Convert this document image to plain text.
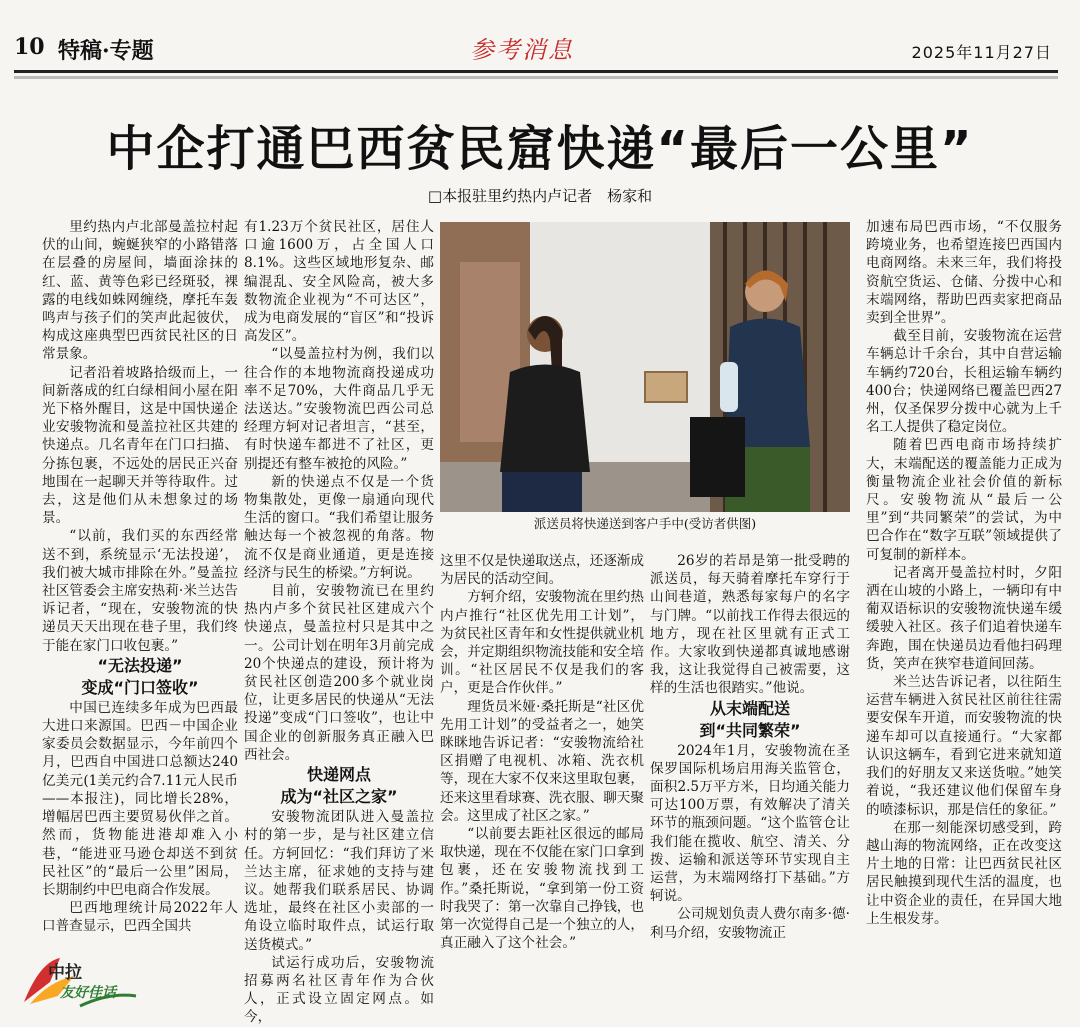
10 特稿·专题	参考消息	2025年11月27日
中企打通巴西贫民窟快递“最后一公里”
□本报驻里约热内卢记者　杨家和

里约热内卢北部曼盖拉村起伏的山间，蜿蜒狭窄的小路错落在层叠的房屋间，墙面涂抹的红、蓝、黄等色彩已经斑驳，裸露的电线如蛛网缠绕，摩托车轰鸣声与孩子们的笑声此起彼伏，构成这座典型巴西贫民社区的日常景象。

记者沿着坡路拾级而上，一间新落成的红白绿相间小屋在阳光下格外醒目，这是中国快递企业安骏物流和曼盖拉社区共建的快递点。几名青年在门口扫描、分拣包裹，不远处的居民正兴奋地围在一起聊天并等待取件。过去，这是他们从未想象过的场景。

“以前，我们买的东西经常送不到，系统显示‘无法投递’，我们被大城市排除在外。”曼盖拉社区管委会主席安热莉·米兰达告诉记者，“现在，安骏物流的快递员天天出现在巷子里，我们终于能在家门口收包裹。”

“无法投递”
变成“门口签收”

中国已连续多年成为巴西最大进口来源国。巴西－中国企业家委员会数据显示，今年前四个月，巴西自中国进口总额达240亿美元(1美元约合7.11元人民币——本报注)，同比增长28%，增幅居巴西主要贸易伙伴之首。然而，货物能进港却难入小巷，“能进亚马逊仓却送不到贫民社区”的“最后一公里”困局，长期制约中巴电商合作发展。

巴西地理统计局2022年人口普查显示，巴西全国共

有1.23万个贫民社区，居住人口逾1600万，占全国人口8.1%。这些区域地形复杂、邮编混乱、安全风险高，被大多数物流企业视为“不可达区”，成为电商发展的“盲区”和“投诉高发区”。

“以曼盖拉村为例，我们以往合作的本地物流商投递成功率不足70%，大件商品几乎无法送达。”安骏物流巴西公司总经理方轲对记者坦言，“甚至，有时快递车都进不了社区，更别提还有整车被抢的风险。”

新的快递点不仅是一个货物集散处，更像一扇通向现代生活的窗口。“我们希望让服务触达每一个被忽视的角落。物流不仅是商业通道，更是连接经济与民生的桥梁。”方轲说。

目前，安骏物流已在里约热内卢多个贫民社区建成六个快递点，曼盖拉村只是其中之一。公司计划在明年3月前完成20个快递点的建设，预计将为贫民社区创造200多个就业岗位，让更多居民的快递从“无法投递”变成“门口签收”，也让中国企业的创新服务真正融入巴西社会。

快递网点
成为“社区之家”

安骏物流团队进入曼盖拉村的第一步，是与社区建立信任。方轲回忆：“我们拜访了米兰达主席，征求她的支持与建议。她帮我们联系居民、协调选址，最终在社区小卖部的一角设立临时取件点，试运行取送货模式。”

试运行成功后，安骏物流招募两名社区青年作为合伙人，正式设立固定网点。如今，

派送员将快递送到客户手中(受访者供图)

这里不仅是快递取送点，还逐渐成为居民的活动空间。

方轲介绍，安骏物流在里约热内卢推行“社区优先用工计划”，为贫民社区青年和女性提供就业机会，并定期组织物流技能和安全培训。“社区居民不仅是我们的客户，更是合作伙伴。”

理货员米娅·桑托斯是“社区优先用工计划”的受益者之一，她笑眯眯地告诉记者：“安骏物流给社区捐赠了电视机、冰箱、洗衣机等，现在大家不仅来这里取包裹，还来这里看球赛、洗衣服、聊天聚会。这里成了社区之家。”

“以前要去距社区很远的邮局取快递，现在不仅能在家门口拿到包裹，还在安骏物流找到工作。”桑托斯说，“拿到第一份工资时我哭了：第一次靠自己挣钱，也第一次觉得自己是一个独立的人，真正融入了这个社会。”

26岁的若昂是第一批受聘的派送员，每天骑着摩托车穿行于山间巷道，熟悉每家每户的名字与门牌。“以前找工作得去很远的地方，现在社区里就有正式工作。大家收到快递都真诚地感谢我，这让我觉得自己被需要，这样的生活也很踏实。”他说。

从末端配送
到“共同繁荣”

2024年1月，安骏物流在圣保罗国际机场启用海关监管仓，面积2.5万平方米，日均通关能力可达100万票，有效解决了清关环节的瓶颈问题。“这个监管仓让我们能在揽收、航空、清关、分拨、运输和派送等环节实现自主运营，为末端网络打下基础。”方轲说。

公司规划负责人费尔南多·德·利马介绍，安骏物流正

加速布局巴西市场，“不仅服务跨境业务，也希望连接巴西国内电商网络。未来三年，我们将投资航空货运、仓储、分拨中心和末端网络，帮助巴西卖家把商品卖到全世界”。

截至目前，安骏物流在运营车辆总计千余台，其中自营运输车辆约720台，长租运输车辆约400台；快递网络已覆盖巴西27州，仅圣保罗分拨中心就为上千名工人提供了稳定岗位。

随着巴西电商市场持续扩大，末端配送的覆盖能力正成为衡量物流企业社会价值的新标尺。安骏物流从“最后一公里”到“共同繁荣”的尝试，为中巴合作在“数字互联”领域提供了可复制的新样本。

记者离开曼盖拉村时，夕阳洒在山坡的小路上，一辆印有中葡双语标识的安骏物流快递车缓缓驶入社区。孩子们追着快递车奔跑，围在快递员边看他扫码理货，笑声在狭窄巷道间回荡。

米兰达告诉记者，以往陌生运营车辆进入贫民社区前往往需要安保车开道，而安骏物流的快递车却可以直接通行。“大家都认识这辆车，看到它进来就知道我们的好朋友又来送货啦。”她笑着说，“我还建议他们保留车身的喷漆标识，那是信任的象征。”

在那一刻能深切感受到，跨越山海的物流网络，正在改变这片土地的日常：让巴西贫民社区居民触摸到现代生活的温度，也让中资企业的责任，在异国大地上生根发芽。

中拉
友好佳话
